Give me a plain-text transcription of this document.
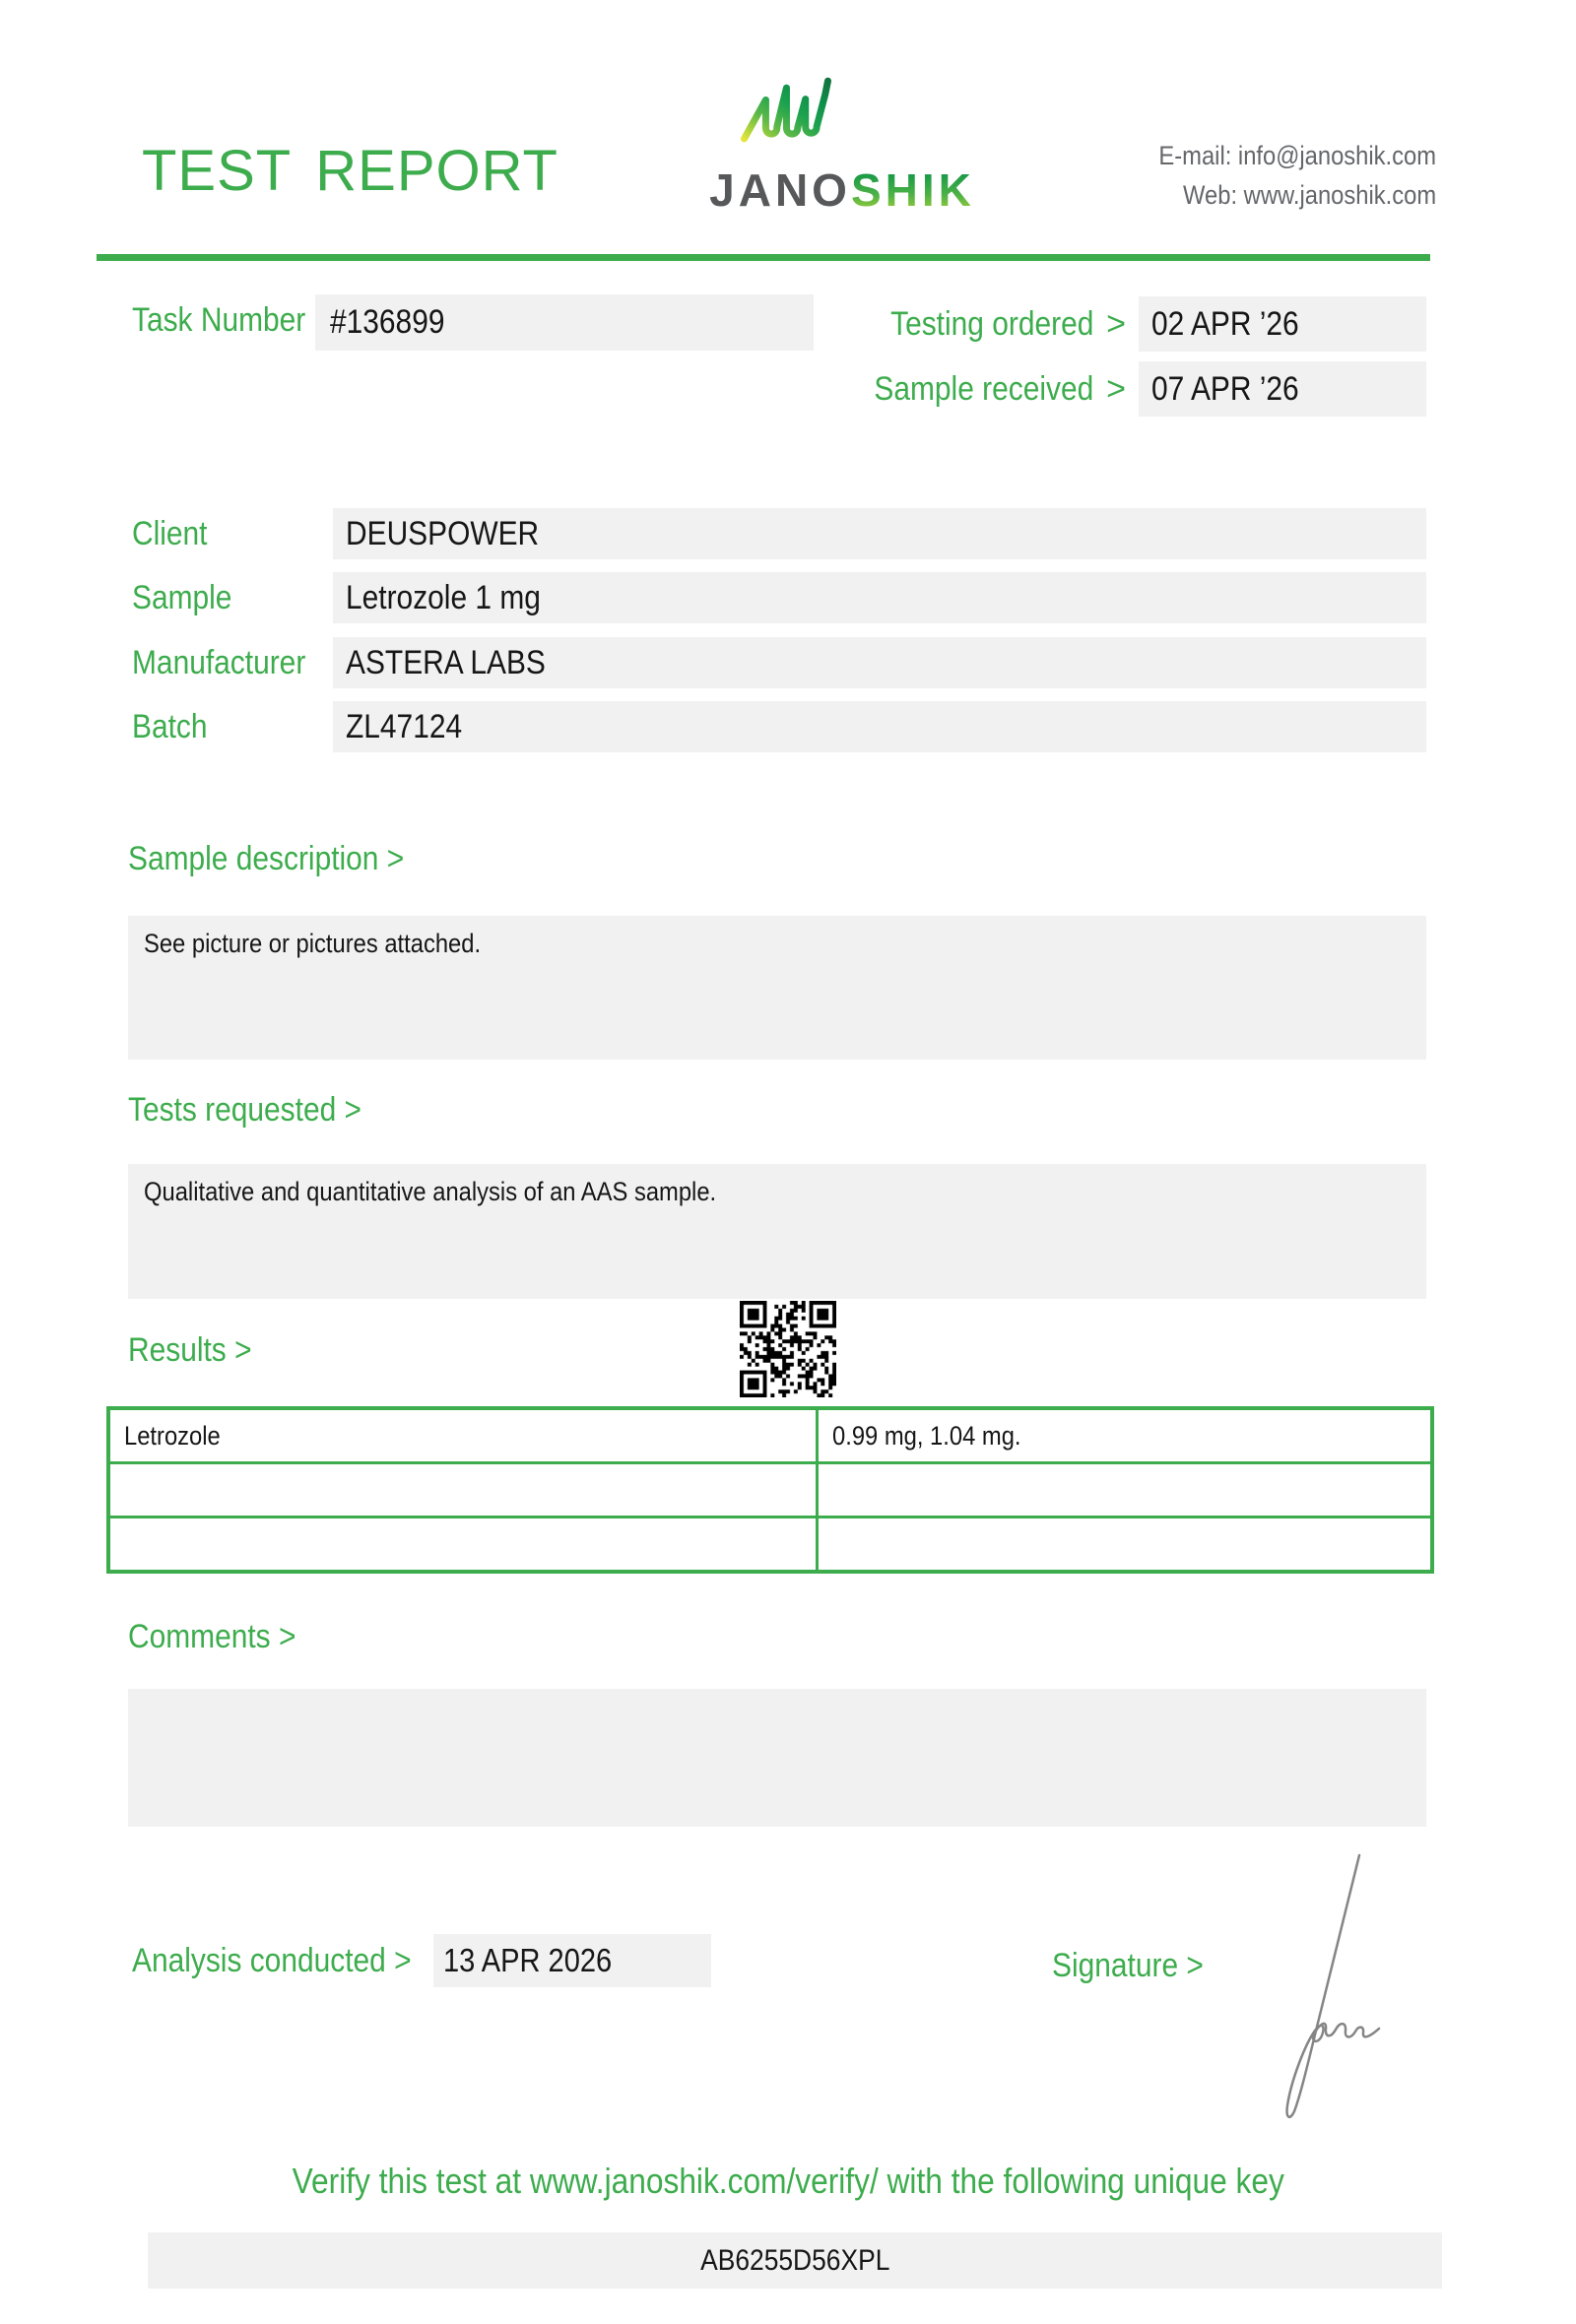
TEST REPORT	JANOSHIK
E-mail: info@janoshik.com
Web: www.janoshik.com
Task Number #136899	Testing ordered > 02 APR ’26
Sample received > 07 APR ’26
Client	DEUSPOWER
Sample	Letrozole 1 mg
Manufacturer	ASTERA LABS
Batch	ZL47124
Sample description >
See picture or pictures attached.
Tests requested >
Qualitative and quantitative analysis of an AAS sample.
Results >
Letrozole	0.99 mg, 1.04 mg.

Comments >
Analysis conducted > 13 APR 2026	Signature >
Verify this test at www.janoshik.com/verify/ with the following unique key
AB6255D56XPL
